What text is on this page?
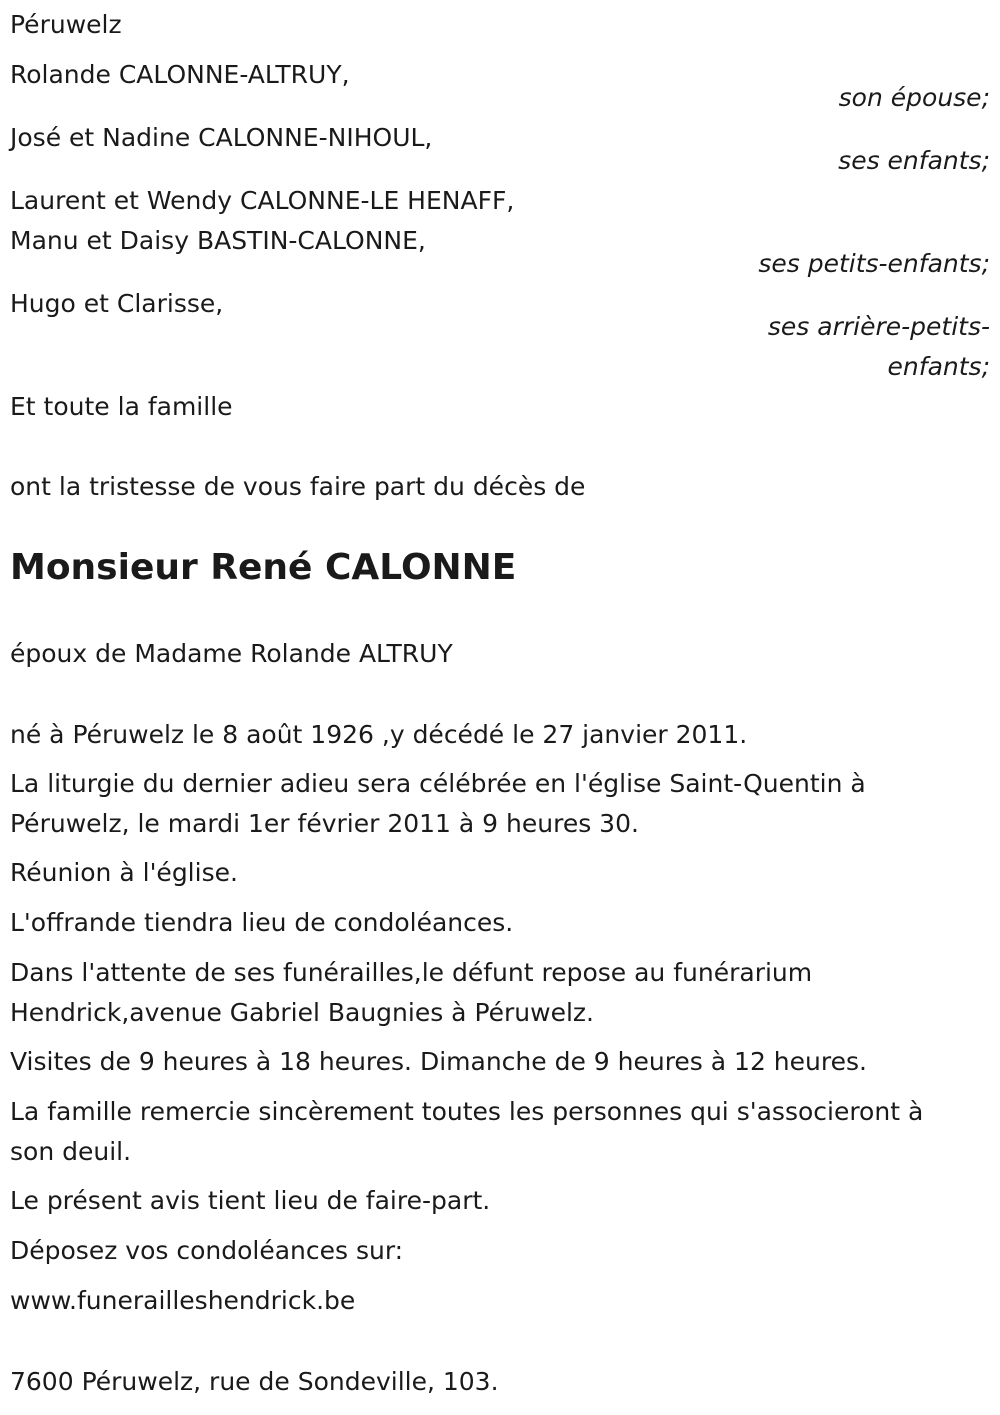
Péruwelz

Rolande CALONNE-ALTRUY,

son épouse;

José et Nadine CALONNE-NIHOUL,

ses enfants;

Laurent et Wendy CALONNE-LE HENAFF,

Manu et Daisy BASTIN-CALONNE,

ses petits-enfants;

Hugo et Clarisse,

ses arrière-petits-

enfants;

Et toute la famille

ont la tristesse de vous faire part du décès de

Monsieur René CALONNE

époux de Madame Rolande ALTRUY

né à Péruwelz le 8 août 1926 ,y décédé le 27 janvier 2011.

La liturgie du dernier adieu sera célébrée en l'église Saint-Quentin à

Péruwelz, le mardi 1er février 2011 à 9 heures 30.

Réunion à l'église.

L'offrande tiendra lieu de condoléances.

Dans l'attente de ses funérailles,le défunt repose au funérarium

Hendrick,avenue Gabriel Baugnies à Péruwelz.

Visites de 9 heures à 18 heures. Dimanche de 9 heures à 12 heures.

La famille remercie sincèrement toutes les personnes qui s'associeront à

son deuil.

Le présent avis tient lieu de faire-part.

Déposez vos condoléances sur:

www.funerailleshendrick.be

7600 Péruwelz, rue de Sondeville, 103.
